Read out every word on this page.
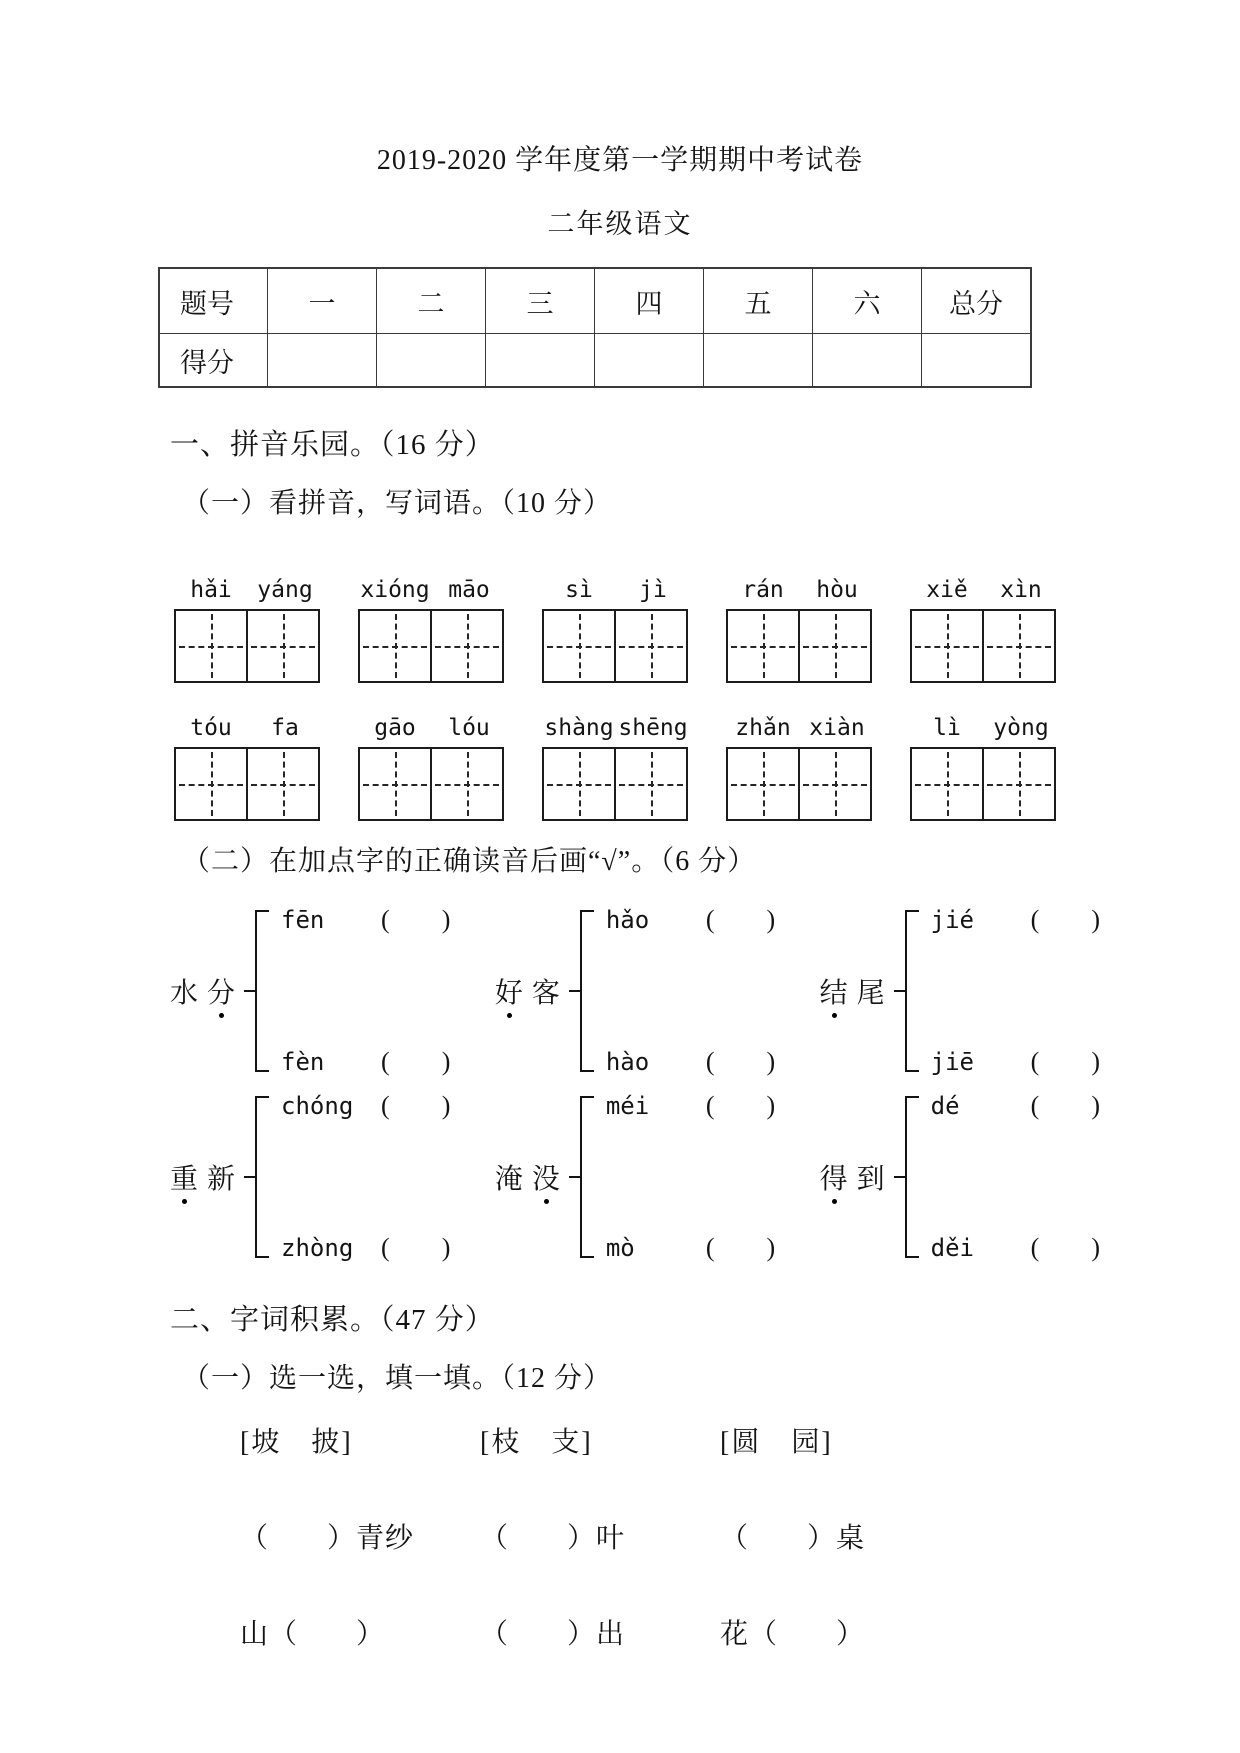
2019-2020 学年度第一学期期中考试卷
二年级语文
题号	一	二	三	四	五	六	总分
得分							
一、拼音乐园。（16 分）
（一）看拼音，写词语。（10 分）
hǎi	yáng	xióng māo	sì	jì	rán	hòu	xiě	xìn
tóu	fa	gāo	lóu	shàng shēng	zhǎn xiàn	lì	yòng
（二）在加点字的正确读音后画“√”。（6 分）
水 分
fēn	(  )
fèn	(  )
好 客
hǎo	(  )
hào	(  )
结 尾
jié	(  )
jiē	(  )
重 新
chóng	(  )
zhòng	(  )
淹 没
méi	(  )
mò	(  )
得 到
dé	(  )
děi	(  )
二、字词积累。（47 分）
（一）选一选，填一填。（12 分）
[坡　披]
（　　）青纱
山（　　）
[枝　支]
（　　）叶
（　　）出
[圆　园]
（　　）桌
花（　　）
